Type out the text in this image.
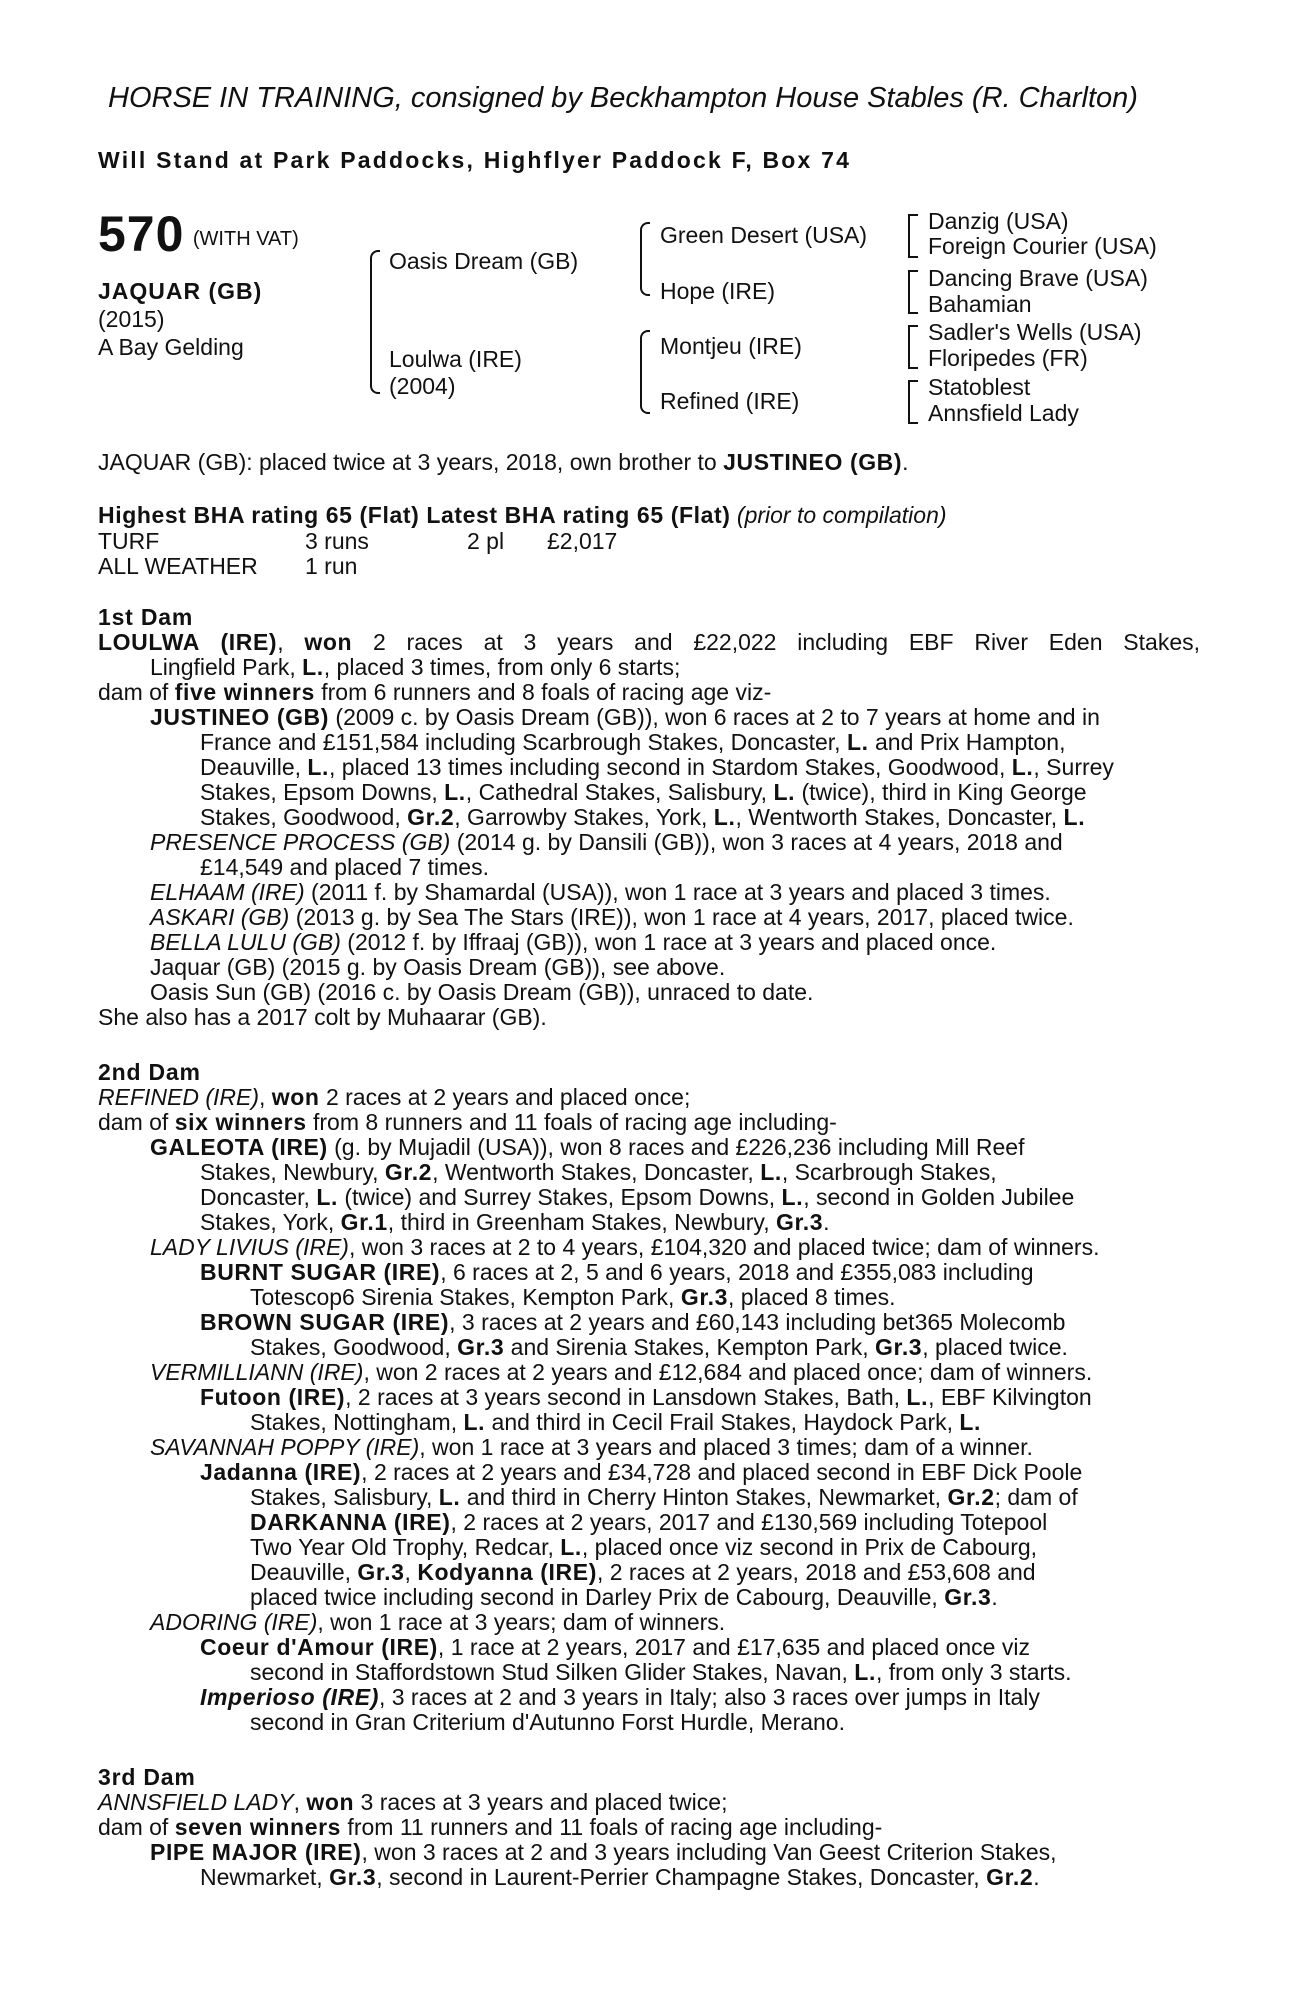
HORSE IN TRAINING, consigned by Beckhampton House Stables (R. Charlton)
Will Stand at Park Paddocks, Highflyer Paddock F, Box 74
570 (WITH VAT)
JAQUAR (GB)
(2015)
A Bay Gelding
Oasis Dream (GB)
Loulwa (IRE)
(2004)
Green Desert (USA)
Hope (IRE)
Montjeu (IRE)
Refined (IRE)
Danzig (USA)
Foreign Courier (USA)
Dancing Brave (USA)
Bahamian
Sadler's Wells (USA)
Floripedes (FR)
Statoblest
Annsfield Lady
JAQUAR (GB): placed twice at 3 years, 2018, own brother to JUSTINEO (GB).
Highest BHA rating 65 (Flat) Latest BHA rating 65 (Flat) (prior to compilation)
TURF	3 runs	2 pl £2,017
ALL WEATHER 1 run
1st Dam
LOULWA (IRE), won 2 races at 3 years and £22,022 including EBF River Eden Stakes,
Lingfield Park, L., placed 3 times, from only 6 starts;
dam of five winners from 6 runners and 8 foals of racing age viz-
JUSTINEO (GB) (2009 c. by Oasis Dream (GB)), won 6 races at 2 to 7 years at home and in
France and £151,584 including Scarbrough Stakes, Doncaster, L. and Prix Hampton,
Deauville, L., placed 13 times including second in Stardom Stakes, Goodwood, L., Surrey
Stakes, Epsom Downs, L., Cathedral Stakes, Salisbury, L. (twice), third in King George
Stakes, Goodwood, Gr.2, Garrowby Stakes, York, L., Wentworth Stakes, Doncaster, L.
PRESENCE PROCESS (GB) (2014 g. by Dansili (GB)), won 3 races at 4 years, 2018 and
£14,549 and placed 7 times.
ELHAAM (IRE) (2011 f. by Shamardal (USA)), won 1 race at 3 years and placed 3 times.
ASKARI (GB) (2013 g. by Sea The Stars (IRE)), won 1 race at 4 years, 2017, placed twice.
BELLA LULU (GB) (2012 f. by Iffraaj (GB)), won 1 race at 3 years and placed once.
Jaquar (GB) (2015 g. by Oasis Dream (GB)), see above.
Oasis Sun (GB) (2016 c. by Oasis Dream (GB)), unraced to date.
She also has a 2017 colt by Muhaarar (GB).
2nd Dam
REFINED (IRE), won 2 races at 2 years and placed once;
dam of six winners from 8 runners and 11 foals of racing age including-
GALEOTA (IRE) (g. by Mujadil (USA)), won 8 races and £226,236 including Mill Reef
Stakes, Newbury, Gr.2, Wentworth Stakes, Doncaster, L., Scarbrough Stakes,
Doncaster, L. (twice) and Surrey Stakes, Epsom Downs, L., second in Golden Jubilee
Stakes, York, Gr.1, third in Greenham Stakes, Newbury, Gr.3.
LADY LIVIUS (IRE), won 3 races at 2 to 4 years, £104,320 and placed twice; dam of winners.
BURNT SUGAR (IRE), 6 races at 2, 5 and 6 years, 2018 and £355,083 including
Totescop6 Sirenia Stakes, Kempton Park, Gr.3, placed 8 times.
BROWN SUGAR (IRE), 3 races at 2 years and £60,143 including bet365 Molecomb
Stakes, Goodwood, Gr.3 and Sirenia Stakes, Kempton Park, Gr.3, placed twice.
VERMILLIANN (IRE), won 2 races at 2 years and £12,684 and placed once; dam of winners.
Futoon (IRE), 2 races at 3 years second in Lansdown Stakes, Bath, L., EBF Kilvington
Stakes, Nottingham, L. and third in Cecil Frail Stakes, Haydock Park, L.
SAVANNAH POPPY (IRE), won 1 race at 3 years and placed 3 times; dam of a winner.
Jadanna (IRE), 2 races at 2 years and £34,728 and placed second in EBF Dick Poole
Stakes, Salisbury, L. and third in Cherry Hinton Stakes, Newmarket, Gr.2; dam of
DARKANNA (IRE), 2 races at 2 years, 2017 and £130,569 including Totepool
Two Year Old Trophy, Redcar, L., placed once viz second in Prix de Cabourg,
Deauville, Gr.3, Kodyanna (IRE), 2 races at 2 years, 2018 and £53,608 and
placed twice including second in Darley Prix de Cabourg, Deauville, Gr.3.
ADORING (IRE), won 1 race at 3 years; dam of winners.
Coeur d'Amour (IRE), 1 race at 2 years, 2017 and £17,635 and placed once viz
second in Staffordstown Stud Silken Glider Stakes, Navan, L., from only 3 starts.
Imperioso (IRE), 3 races at 2 and 3 years in Italy; also 3 races over jumps in Italy
second in Gran Criterium d'Autunno Forst Hurdle, Merano.
3rd Dam
ANNSFIELD LADY, won 3 races at 3 years and placed twice;
dam of seven winners from 11 runners and 11 foals of racing age including-
PIPE MAJOR (IRE), won 3 races at 2 and 3 years including Van Geest Criterion Stakes,
Newmarket, Gr.3, second in Laurent-Perrier Champagne Stakes, Doncaster, Gr.2.
